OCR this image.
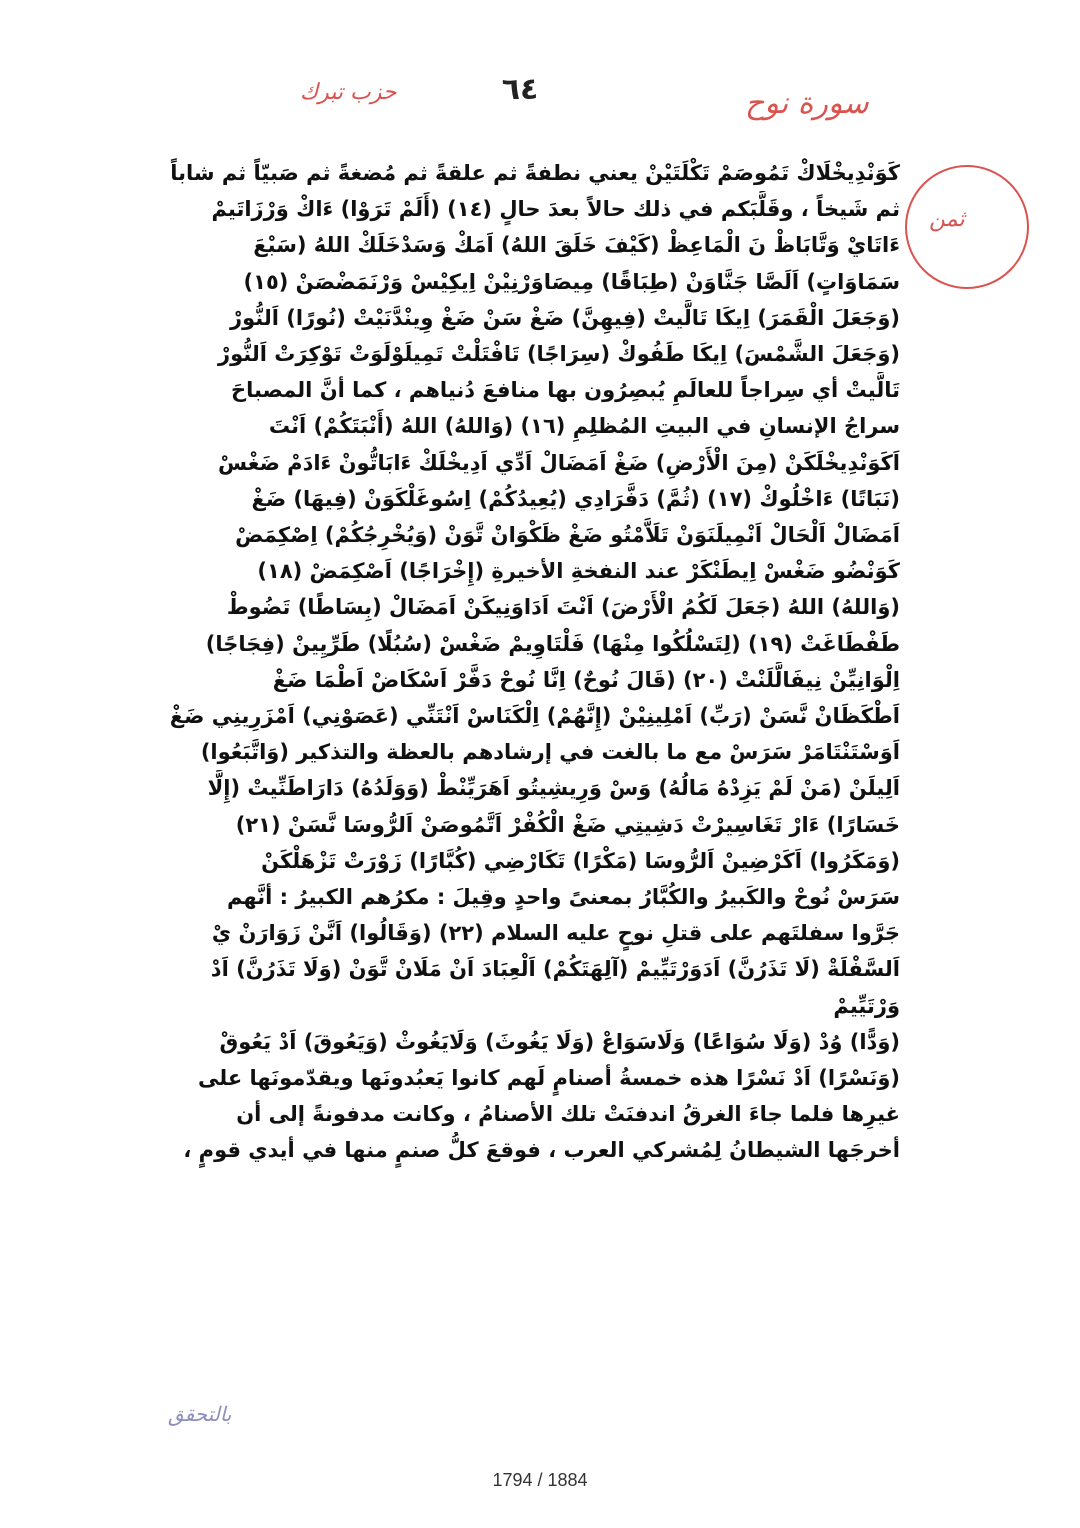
٦٤
حزب تبرك	سورة نوح
ثمن
كَوَنْدِيخْلَاكْ تَمُوصَمْ تَكْلَتَيْنْ يعني نطفةً ثم علقةً ثم مُضغةً ثم صَبيّاً ثم شاباً
ثم شَيخاً ، وقَلَّبَكم في ذلك حالاً بعدَ حالٍ (١٤) (أَلَمْ تَرَوْا) ءَاكْ وَرْزَاتَيمْ
ءَاتَايْ وَتَّابَاظْ نَ الْمَاعِظْ (كَيْفَ خَلَقَ اللهُ) اَمَكْ وَسَدْخَلَكْ اللهُ (سَبْعَ
سَمَاوَاتٍ) اَلَصَّا جَنَّاوَنْ (طِبَاقًا) مِيصَاوَرْنِيْنْ اِيكِيْسْ وَرْنَمَضْصَنْ (١٥)
(وَجَعَلَ الْقَمَرَ) اِيكَا تَالَّيتْ (فِيهِنَّ) ضَغْ سَنْ ضَغْ وِينْدَّنَيْتْ (نُورًا) اَلنُّورْ
(وَجَعَلَ الشَّمْسَ) اِيكَا طَفُوكْ (سِرَاجًا) تَافْتَلْتْ تَمِيلَوْلَوَتْ تَوْكِرَتْ اَلنُّورْ
تَالَّيتْ أي سِراجاً للعالَمِ يُبصِرُون بها منافعَ دُنياهم ، كما أنَّ المصباحَ
سراجُ الإنسانِ في البيتِ المُظلِمِ (١٦) (وَاللهُ) اللهُ (أَنْبَتَكُمْ) اَنْتَ
اَكَوَنْدِيخْلَكَنْ (مِنَ الْأَرْضِ) ضَغْ اَمَضَالْ اَدِّي اَدِيخْلَكْ ءَابَاتُّونْ ءَادَمْ ضَغْسْ
(نَبَاتًا) ءَاخْلُوكْ (١٧) (ثُمَّ) دَفَّرَادِي (يُعِيدُكُمْ) اِسُوغَلْكَوَنْ (فِيهَا) ضَغْ
اَمَضَالْ اَلْحَالْ اَنْمِيلَنَوَنْ تَلَاَّمْتُو ضَغْ ظَكْوَانْ تَّوَنْ (وَيُخْرِجُكُمْ) اِصْكِمَضْ
كَوَنْضُو ضَغْسْ اِيطَنْكَرْ عند النفخةِ الأخيرةِ (إِخْرَاجًا) اَصْكِمَضْ (١٨)
(وَاللهُ) اللهُ (جَعَلَ لَكُمُ الْأَرْضَ) اَنْتَ اَدَاوَنِيكَنْ اَمَضَالْ (بِسَاطًا) تَضُوطْ
طَفْطَاغَتْ (١٩) (لِتَسْلُكُوا مِنْهَا) فَلْتَاوِيمْ ضَغْسْ (سُبُلًا) طَرِّيِينْ (فِجَاجًا)
اِلْوَانِيِّنْ نِيفَالَّلَنْتْ (٢٠) (قَالَ نُوحٌ) اِنَّا نُوحْ دَفَّرْ اَسْكَاضْ اَطْمَا ضَغْ
اَطْكَظَانْ نَّسَنْ (رَبِّ) اَمْلِينِيْنْ (إِنَّهُمْ) اِلْكَنَاسْ اَنْتَنِّي (عَصَوْنِي) اَمْزَرِينِي ضَغْ
اَوَسْتَنْتَامَرْ سَرَسْ مع ما بالغت في إرشادهم بالعظة والتذكير (وَاتَّبَعُوا)
اَلِيلَنْ (مَنْ لَمْ يَزِدْهُ مَالُهُ) وَسْ وَرِيشِيتُو اَهَرَيِّنْطْ (وَوَلَدُهُ) دَارَاطَنِّيتْ (إِلَّا
خَسَارًا) ءَارْ تَغَاسِيرْتْ دَشِيتِي ضَغْ الْكُفْرْ اَتَّمُوصَنْ اَلرُّوسَا نَّسَنْ (٢١)
(وَمَكَرُوا) اَكَرْضِينْ اَلرُّوسَا (مَكْرًا) تَكَارْضِي (كُبَّارًا) زَوْرَتْ تَزْهَلْكَنْ
سَرَسْ نُوحْ والكَبيرُ والكُبَّارُ بمعنىً واحدٍ وقِيلَ : مكرُهم الكبيرُ : أنَّهم
جَرَّوا سفلتَهم على قتلِ نوحٍ عليه السلام (٢٢) (وَقَالُوا) اَنَّنْ زَوَارَنْ يْ
اَلسَّفْلَةْ (لَا تَذَرُنَّ) اَدَوَرْتَيِّيمْ (آلِهَتَكُمْ) اَلْعِبَادَ اَنْ مَلَانْ تَّوَنْ (وَلَا تَذَرُنَّ) اَدْ
وَرْتَيِّيمْ
(وَدًّا) وُدْ (وَلَا سُوَاعًا) وَلَاسَوَاعْ (وَلَا يَغُوثَ) وَلَايَغُوثْ (وَيَعُوقَ) اَدْ يَعُوقْ
(وَنَسْرًا) اَدْ نَسْرًا هذه خمسةُ أصنامٍ لَهم كانوا يَعبُدونَها ويقدّمونَها على
غيرِها فلما جاءَ الغرقُ اندفنَتْ تلك الأصنامُ ، وكانت مدفونةً إلى أن
أخرجَها الشيطانُ لِمُشركي العرب ، فوقعَ كلُّ صنمٍ منها في أيدي قومٍ ،
بالتحقق
1794 / 1884
